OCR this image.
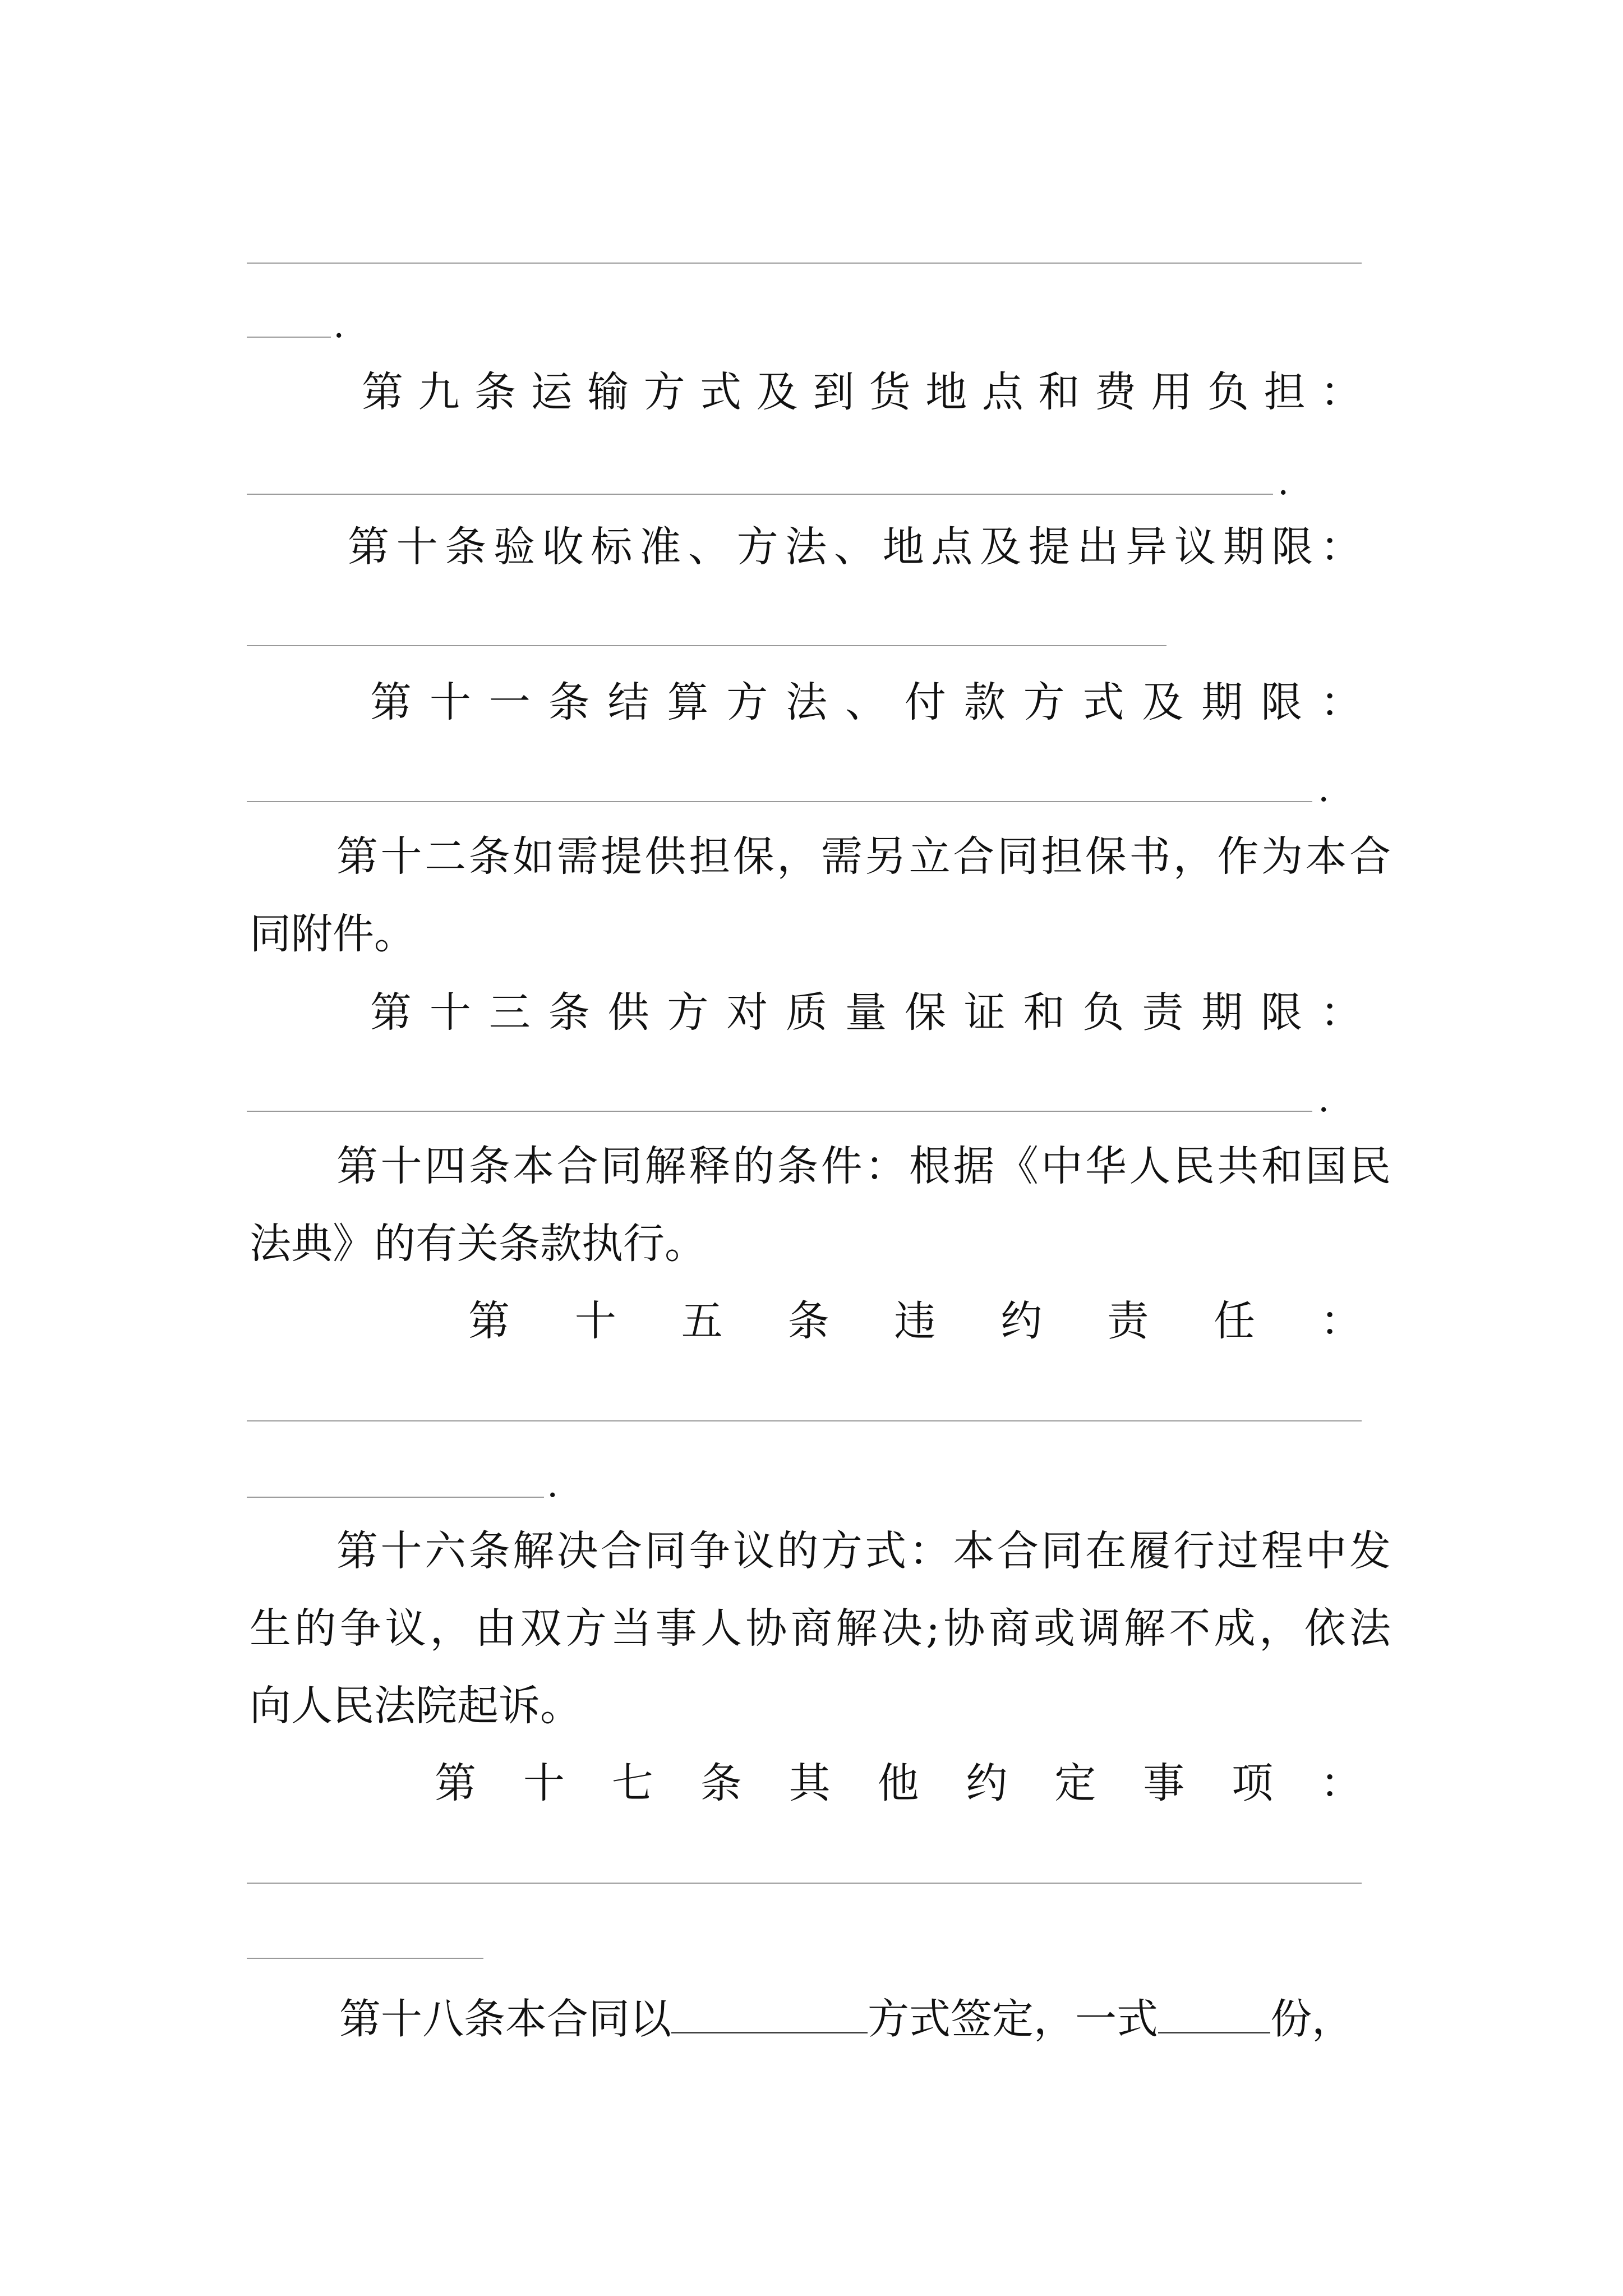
.
第九条运输方式及到货地点和费用负担：
.
第十条验收标准、方法、地点及提出异议期限：
第十一条结算方法、付款方式及期限：
.
第十二条如需提供担保，需另立合同担保书，作为本合
同附件。
第十三条供方对质量保证和负责期限：
.
第十四条本合同解释的条件：根据《中华人民共和国民
法典》的有关条款执行。
第十五条违约责任：
.
第十六条解决合同争议的方式：本合同在履行过程中发
生的争议，由双方当事人协商解决;协商或调解不成，依法
向人民法院起诉。
第十七条其他约定事项：
第十八条本合同以	方式签定，一式	份，
